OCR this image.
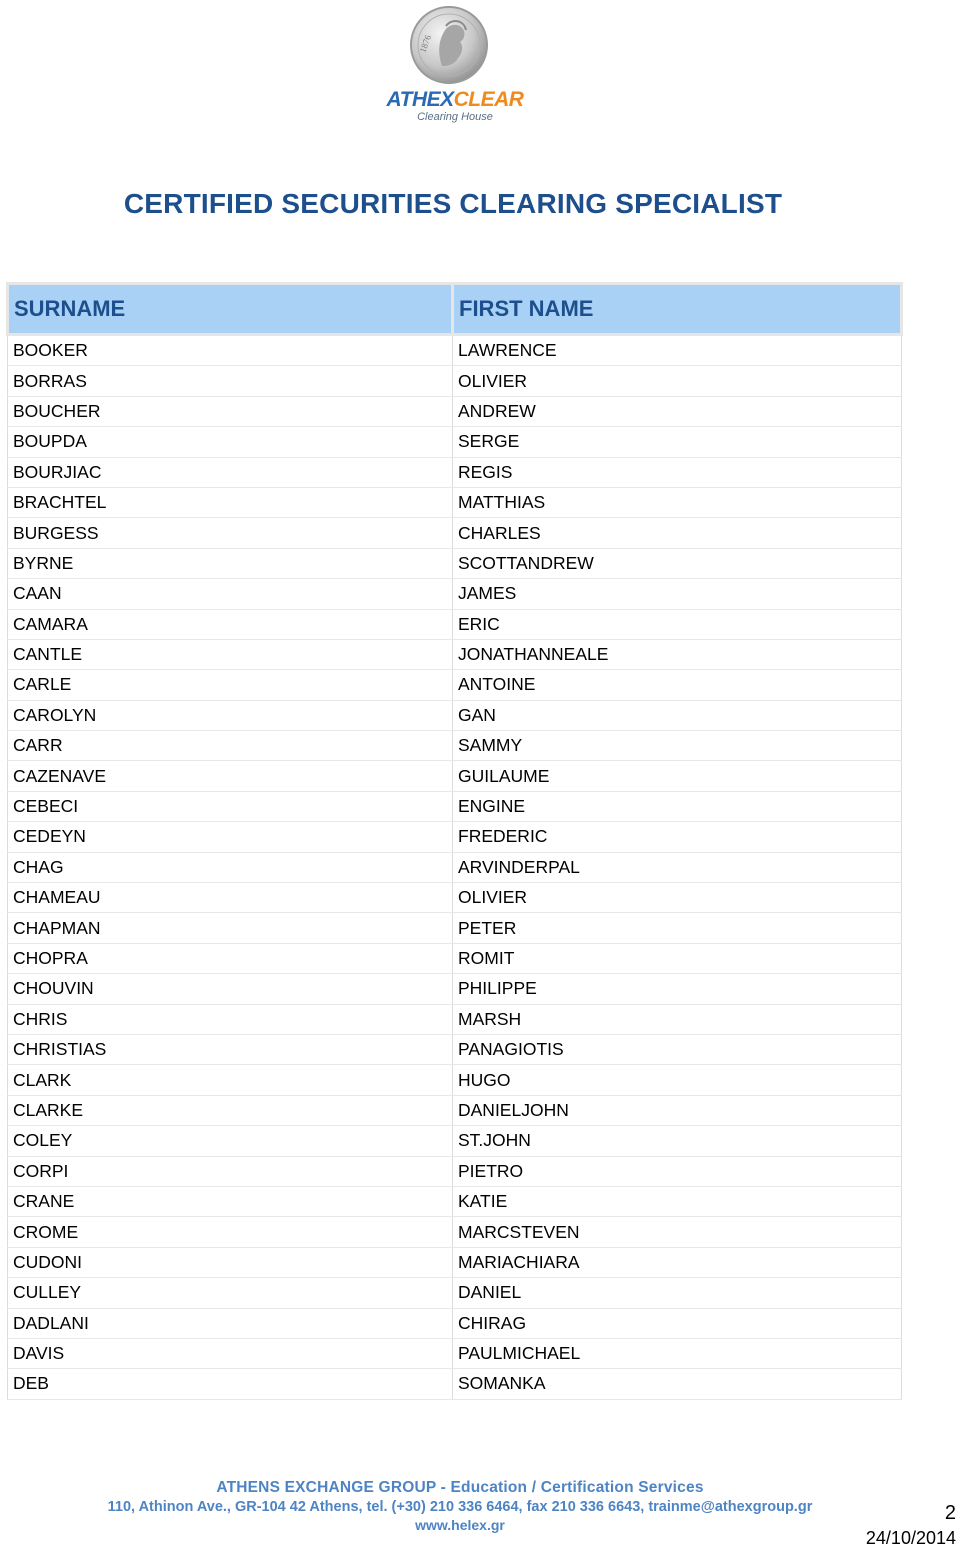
1876
ATHEXCLEAR
Clearing House
CERTIFIED SECURITIES CLEARING SPECIALIST
SURNAME	FIRST NAME
BOOKER	LAWRENCE
BORRAS	OLIVIER
BOUCHER	ANDREW
BOUPDA	SERGE
BOURJIAC	REGIS
BRACHTEL	MATTHIAS
BURGESS	CHARLES
BYRNE	SCOTTANDREW
CAAN	JAMES
CAMARA	ERIC
CANTLE	JONATHANNEALE
CARLE	ANTOINE
CAROLYN	GAN
CARR	SAMMY
CAZENAVE	GUILAUME
CEBECI	ENGINE
CEDEYN	FREDERIC
CHAG	ARVINDERPAL
CHAMEAU	OLIVIER
CHAPMAN	PETER
CHOPRA	ROMIT
CHOUVIN	PHILIPPE
CHRIS	MARSH
CHRISTIAS	PANAGIOTIS
CLARK	HUGO
CLARKE	DANIELJOHN
COLEY	ST.JOHN
CORPI	PIETRO
CRANE	KATIE
CROME	MARCSTEVEN
CUDONI	MARIACHIARA
CULLEY	DANIEL
DADLANI	CHIRAG
DAVIS	PAULMICHAEL
DEB	SOMANKA
ATHENS EXCHANGE GROUP - Education / Certification Services
110, Athinon Ave., GR-104 42 Athens, tel. (+30) 210 336 6464, fax 210 336 6643, trainme@athexgroup.gr
www.helex.gr
2
24/10/2014
